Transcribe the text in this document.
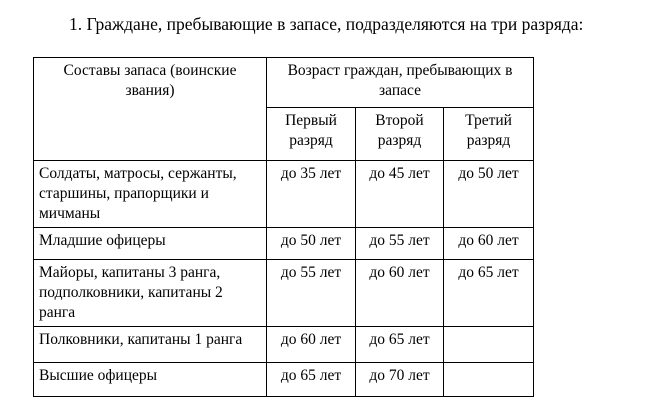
1. Граждане, пребывающие в запасе, подразделяются на три разряда:

Составы запаса (воинские звания)	Возраст граждан, пребывающих в запасе		
	Первый разряд	Второй разряд	Третий разряд
Солдаты, матросы, сержанты, старшины, прапорщики и мичманы	до 35 лет	до 45 лет	до 50 лет
Младшие офицеры	до 50 лет	до 55 лет	до 60 лет
Майоры, капитаны 3 ранга, подполковники, капитаны 2 ранга	до 55 лет	до 60 лет	до 65 лет
Полковники, капитаны 1 ранга	до 60 лет	до 65 лет	
Высшие офицеры	до 65 лет	до 70 лет	
